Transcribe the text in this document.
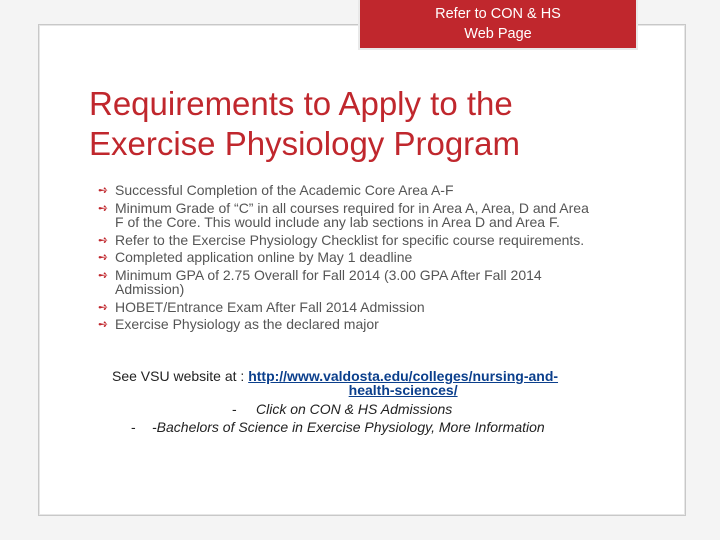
Refer to CON & HS
Web Page
Requirements to Apply to the
Exercise Physiology Program
➺ Successful Completion of the Academic Core Area A-F
➺ Minimum Grade of “C” in all courses required for in Area A, Area, D and Area F of the Core. This would include any lab sections in Area D and Area F.
➺ Refer to the Exercise Physiology Checklist for specific course requirements.
➺ Completed application online by May 1 deadline
➺ Minimum GPA of 2.75 Overall for Fall 2014 (3.00 GPA After Fall 2014 Admission)
➺ HOBET/Entrance Exam After Fall 2014 Admission
➺ Exercise Physiology as the declared major
See VSU website at : http://www.valdosta.edu/colleges/nursing-and-
health-sciences/
- Click on CON & HS Admissions
- -Bachelors of Science in Exercise Physiology, More Information
